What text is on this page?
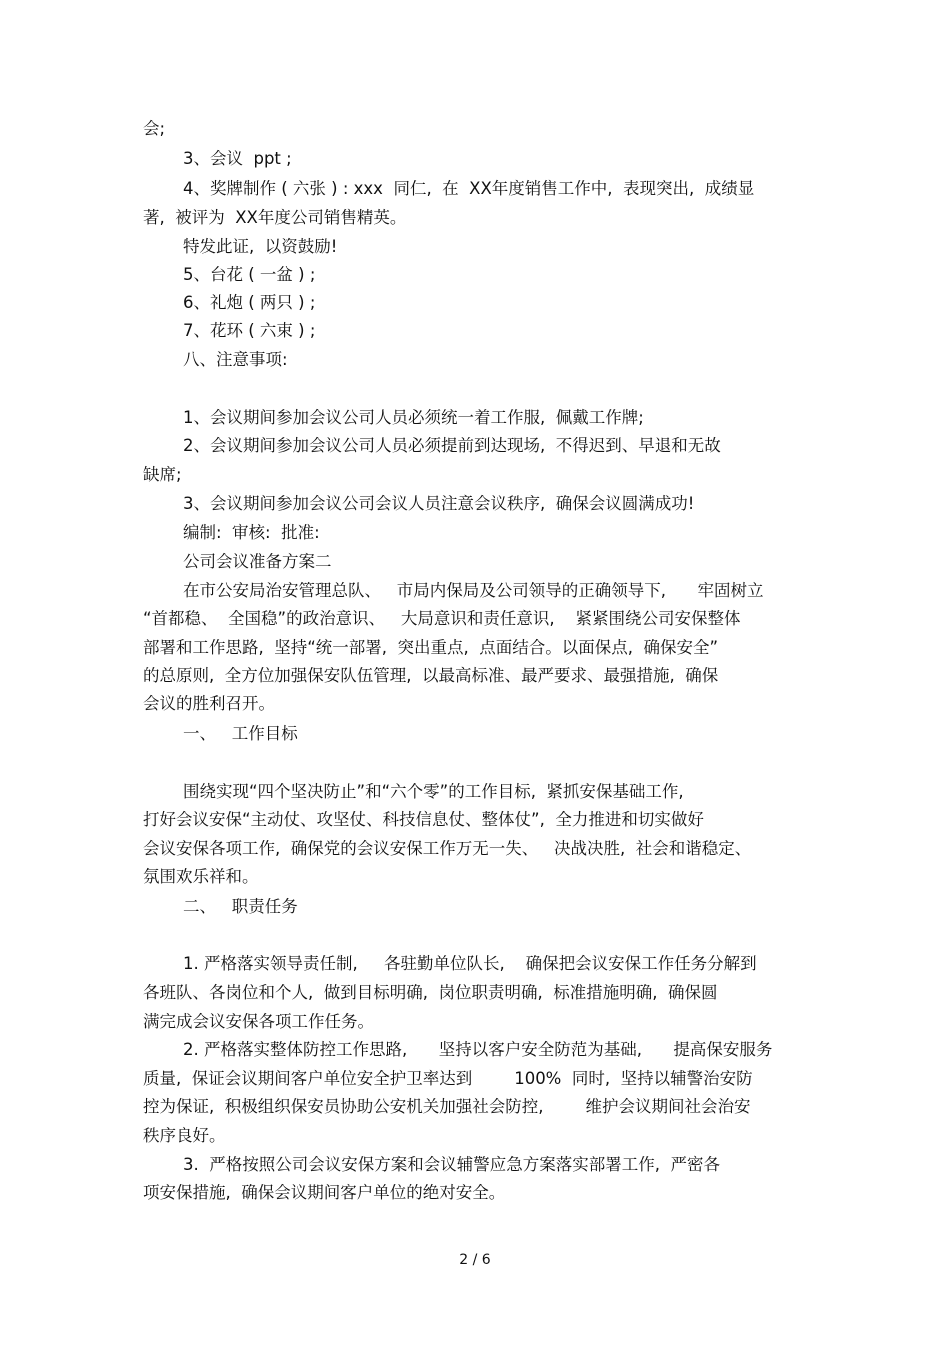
会;

3、会议  ppt ;

4、奖牌制作 ( 六张 ) : xxx  同仁,  在  XX年度销售工作中,  表现突出,  成绩显

著,  被评为  XX年度公司销售精英。

特发此证,  以资鼓励!

5、台花 ( 一盆 ) ;

6、礼炮 ( 两只 ) ;

7、花环 ( 六束 ) ;

八、注意事项:

1、会议期间参加会议公司人员必须统一着工作服,  佩戴工作牌;

2、会议期间参加会议公司人员必须提前到达现场,  不得迟到、早退和无故

缺席;

3、会议期间参加会议公司会议人员注意会议秩序,  确保会议圆满成功!

编制:  审核:  批准:

公司会议准备方案二

在市公安局治安管理总队、   市局内保局及公司领导的正确领导下,      牢固树立

“首都稳、  全国稳”的政治意识、   大局意识和责任意识,    紧紧围绕公司安保整体

部署和工作思路,  坚持“统一部署,  突出重点,  点面结合。以面保点,  确保安全”

的总原则,  全方位加强保安队伍管理,  以最高标准、最严要求、最强措施,  确保

会议的胜利召开。

一、   工作目标

围绕实现“四个坚决防止”和“六个零”的工作目标,  紧抓安保基础工作,

打好会议安保“主动仗、攻坚仗、科技信息仗、整体仗”,  全力推进和切实做好

会议安保各项工作,  确保党的会议安保工作万无一失、   决战决胜,  社会和谐稳定、

氛围欢乐祥和。

二、   职责任务

1. 严格落实领导责任制,     各驻勤单位队长,    确保把会议安保工作任务分解到

各班队、各岗位和个人,  做到目标明确,  岗位职责明确,  标准措施明确,  确保圆

满完成会议安保各项工作任务。

2. 严格落实整体防控工作思路,      坚持以客户安全防范为基础,      提高保安服务

质量,  保证会议期间客户单位安全护卫率达到        100%  同时,  坚持以辅警治安防

控为保证,  积极组织保安员协助公安机关加强社会防控,        维护会议期间社会治安

秩序良好。

3.  严格按照公司会议安保方案和会议辅警应急方案落实部署工作,  严密各

项安保措施,  确保会议期间客户单位的绝对安全。

2 / 6
